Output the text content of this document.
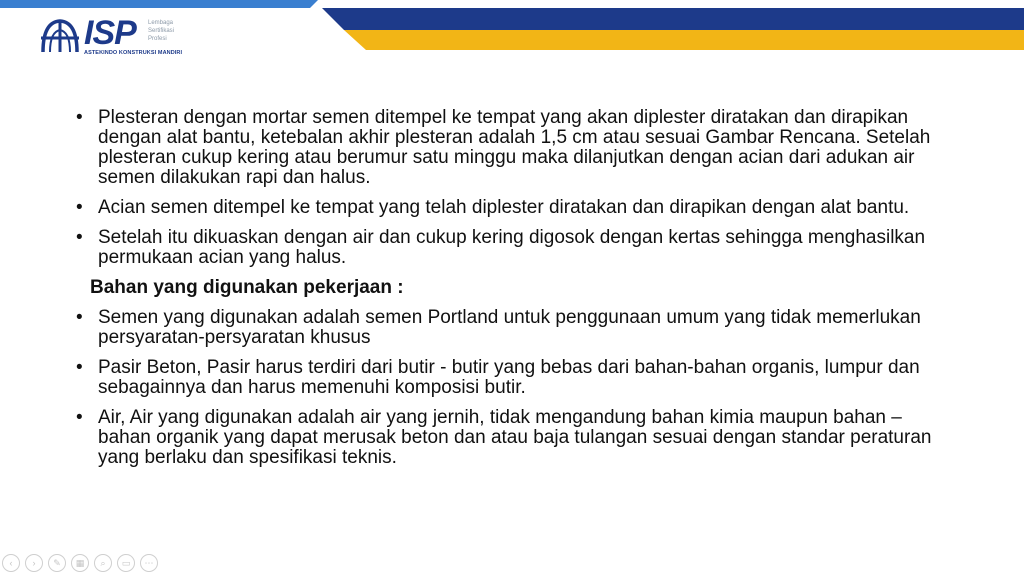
ISP Lembaga
Sertifikasi
Profesi
ASTEKINDO KONSTRUKSI MANDIRI
• Plesteran dengan mortar semen ditempel ke tempat yang akan diplester diratakan dan dirapikan dengan alat bantu, ketebalan akhir plesteran adalah 1,5 cm atau sesuai Gambar Rencana. Setelah plesteran cukup kering atau berumur satu minggu maka dilanjutkan dengan acian dari adukan air semen dilakukan rapi dan halus.
• Acian semen ditempel ke tempat yang telah diplester diratakan dan dirapikan dengan alat bantu.
• Setelah itu dikuaskan dengan air dan cukup kering digosok dengan kertas sehingga menghasilkan permukaan acian yang halus.
Bahan yang digunakan pekerjaan :
• Semen yang digunakan adalah semen Portland untuk penggunaan umum yang tidak memerlukan persyaratan-persyaratan khusus
• Pasir Beton, Pasir harus terdiri dari butir - butir yang bebas dari bahan-bahan organis, lumpur dan sebagainnya dan harus memenuhi komposisi butir.
• Air, Air yang digunakan adalah air yang jernih, tidak mengandung bahan kimia maupun bahan – bahan organik yang dapat merusak beton dan atau baja tulangan sesuai dengan standar peraturan yang berlaku dan spesifikasi teknis.
‹ › ✎ ▦ ⌕ ▭ ⋯
